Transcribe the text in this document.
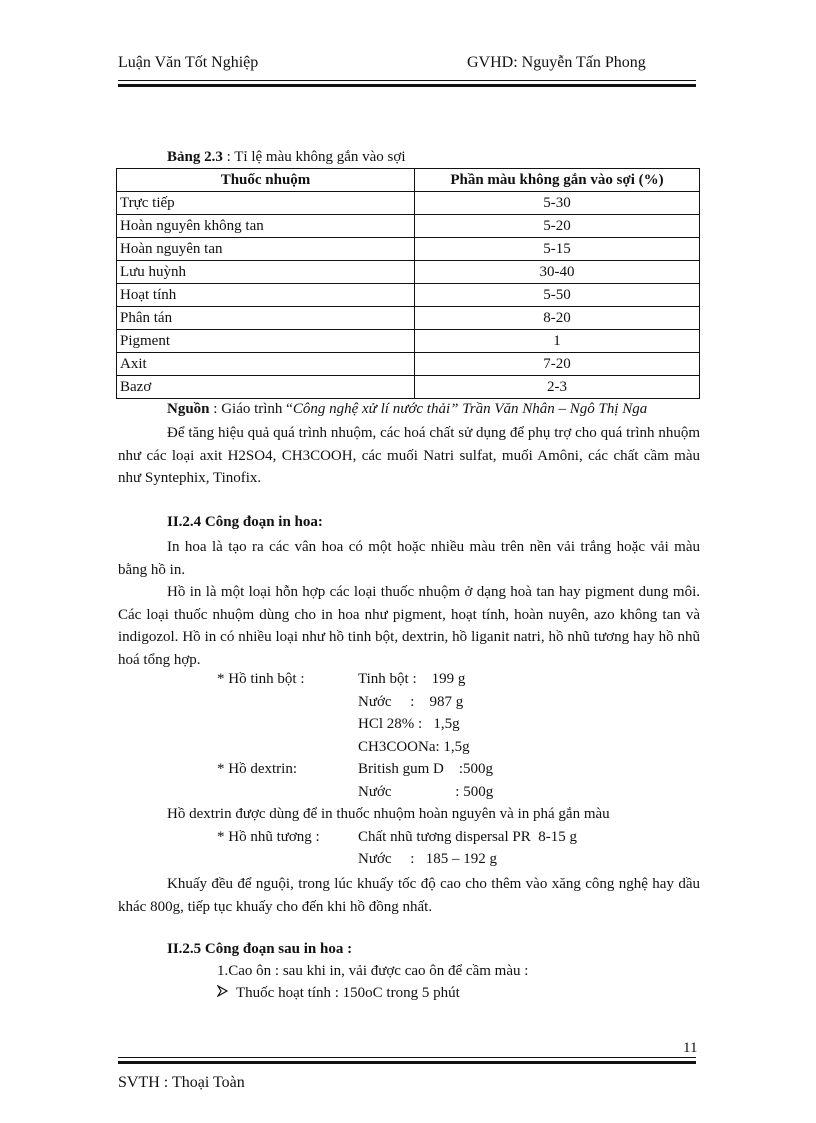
Luận Văn Tốt Nghiệp	GVHD: Nguyễn Tấn Phong
Bảng 2.3 : Tỉ lệ màu không gắn vào sợi
Thuốc nhuộm	Phần màu không gắn vào sợi (%)
Trực tiếp	5-30
Hoàn nguyên không tan	5-20
Hoàn nguyên tan	5-15
Lưu huỳnh	30-40
Hoạt tính	5-50
Phân tán	8-20
Pigment	1
Axit	7-20
Bazơ	2-3
Nguồn : Giáo trình “Công nghệ xử lí nước thải” Trần Văn Nhân – Ngô Thị Nga
Để tăng hiệu quả quá trình nhuộm, các hoá chất sử dụng để phụ trợ cho quá trình nhuộm như các loại axit H2SO4, CH3COOH, các muối Natri sulfat, muối Amôni, các chất cầm màu như Syntephix, Tinofix.
II.2.4 Công đoạn in hoa:
In hoa là tạo ra các vân hoa có một hoặc nhiều màu trên nền vải trắng hoặc vải màu bằng hồ in.
Hồ in là một loại hỗn hợp các loại thuốc nhuộm ở dạng hoà tan hay pigment dung môi. Các loại thuốc nhuộm dùng cho in hoa như pigment, hoạt tính, hoàn nuyên, azo không tan và indigozol. Hồ in có nhiều loại như hồ tinh bột, dextrin, hồ liganit natri, hồ nhũ tương hay hồ nhũ hoá tổng hợp.
* Hồ tinh bột :	Tinh bột :    199 g
Nước     :    987 g
HCl 28% :   1,5g
CH3COONa: 1,5g
* Hồ dextrin:	British gum D    :500g
Nước                 : 500g
Hồ dextrin được dùng để in thuốc nhuộm hoàn nguyên và in phá gắn màu
* Hồ nhũ tương :	Chất nhũ tương dispersal PR  8-15 g
Nước     :   185 – 192 g
Khuấy đều để nguội, trong lúc khuấy tốc độ cao cho thêm vào xăng công nghệ hay dầu khác 800g, tiếp tục khuấy cho đến khi hồ đồng nhất.
II.2.5 Công đoạn sau in hoa :
1.Cao ôn : sau khi in, vải được cao ôn để cầm màu :
Thuốc hoạt tính : 150oC trong 5 phút
11
SVTH : Thoại Toàn
